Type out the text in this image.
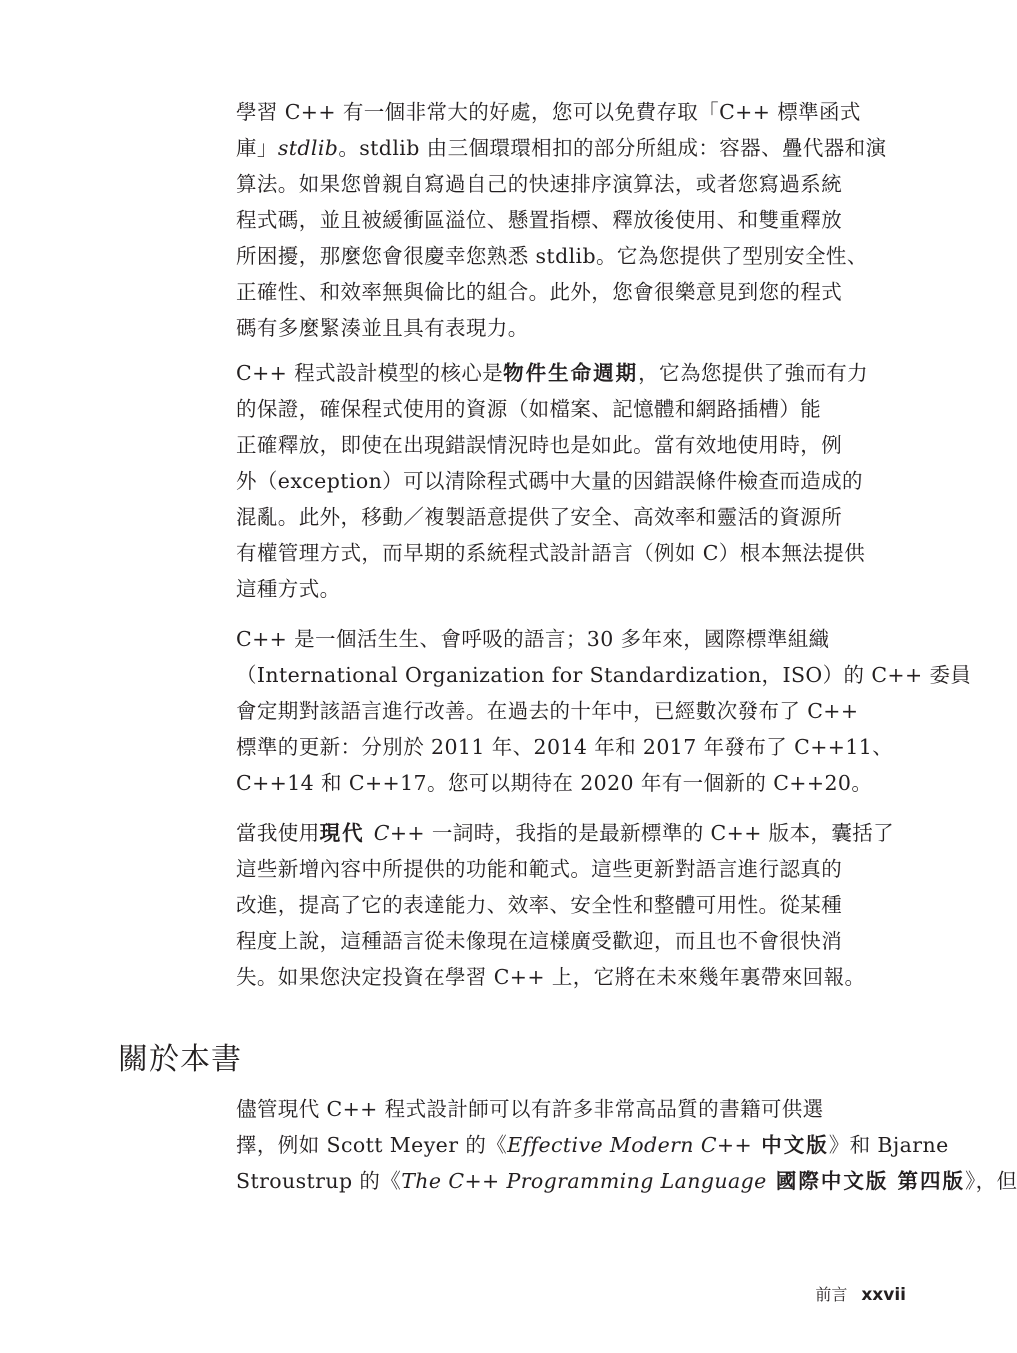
學習 C++ 有一個非常大的好處，您可以免費存取「C++ 標準函式
庫」stdlib。stdlib 由三個環環相扣的部分所組成：容器、疊代器和演
算法。如果您曾親自寫過自己的快速排序演算法，或者您寫過系統
程式碼，並且被緩衝區溢位、懸置指標、釋放後使用、和雙重釋放
所困擾，那麼您會很慶幸您熟悉 stdlib。它為您提供了型別安全性、
正確性、和效率無與倫比的組合。此外，您會很樂意見到您的程式
碼有多麼緊湊並且具有表現力。
C++ 程式設計模型的核心是物件生命週期，它為您提供了強而有力
的保證，確保程式使用的資源（如檔案、記憶體和網路插槽）能
正確釋放，即使在出現錯誤情況時也是如此。當有效地使用時，例
外（exception）可以清除程式碼中大量的因錯誤條件檢查而造成的
混亂。此外，移動／複製語意提供了安全、高效率和靈活的資源所
有權管理方式，而早期的系統程式設計語言（例如 C）根本無法提供
這種方式。
C++ 是一個活生生、會呼吸的語言；30 多年來，國際標準組織
（International Organization for Standardization，ISO）的 C++ 委員
會定期對該語言進行改善。在過去的十年中，已經數次發布了 C++
標準的更新：分別於 2011 年、2014 年和 2017 年發布了 C++11、
C++14 和 C++17。您可以期待在 2020 年有一個新的 C++20。
當我使用現代 C++ 一詞時，我指的是最新標準的 C++ 版本，囊括了
這些新增內容中所提供的功能和範式。這些更新對語言進行認真的
改進，提高了它的表達能力、效率、安全性和整體可用性。從某種
程度上說，這種語言從未像現在這樣廣受歡迎，而且也不會很快消
失。如果您決定投資在學習 C++ 上，它將在未來幾年裏帶來回報。
關於本書
儘管現代 C++ 程式設計師可以有許多非常高品質的書籍可供選
擇，例如 Scott Meyer 的《Effective Modern C++ 中文版》和 Bjarne
Stroustrup 的《The C++ Programming Language 國際中文版 第四版》，但
前言 xxvii
